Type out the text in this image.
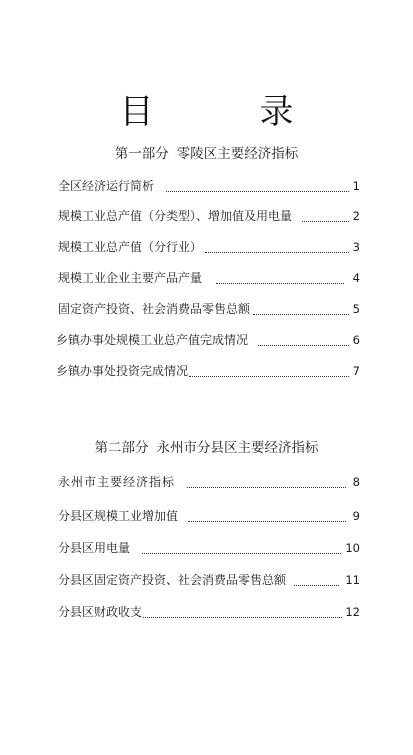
目　录
第一部分 零陵区主要经济指标
全区经济运行简析	1
规模工业总产值（分类型）、增加值及用电量	2
规模工业总产值（分行业）	3
规模工业企业主要产品产量	4
固定资产投资、社会消费品零售总额	5
乡镇办事处规模工业总产值完成情况	6
乡镇办事处投资完成情况	7
第二部分 永州市分县区主要经济指标
永州市主要经济指标	8
分县区规模工业增加值	9
分县区用电量	10
分县区固定资产投资、社会消费品零售总额	11
分县区财政收支	12
